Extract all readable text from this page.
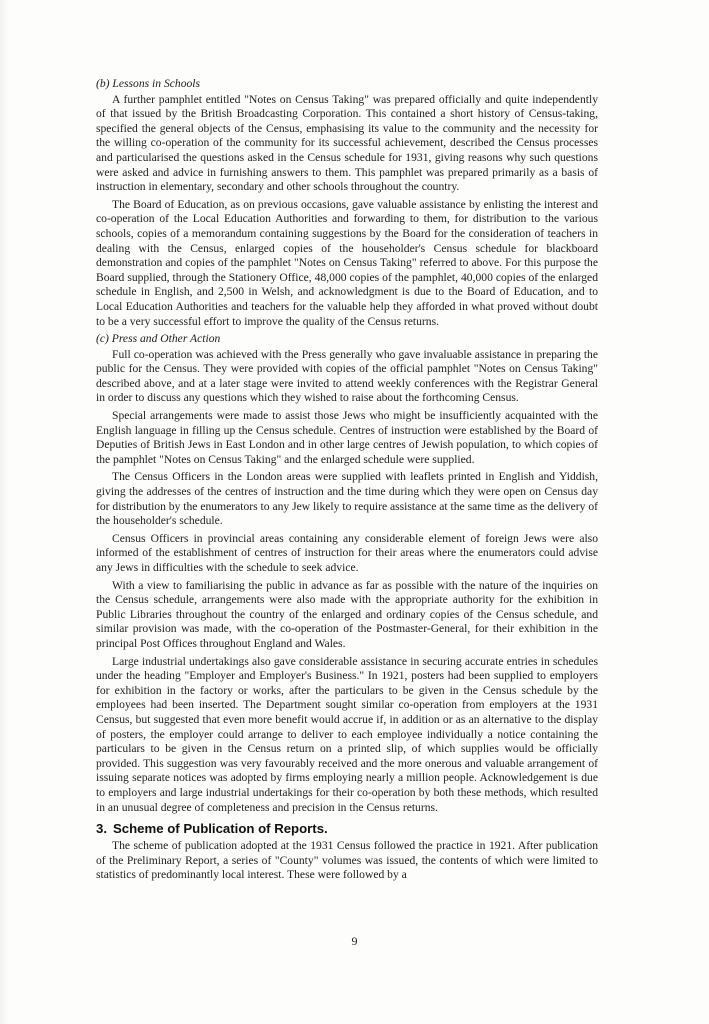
(b) Lessons in Schools

A further pamphlet entitled "Notes on Census Taking" was prepared officially and quite independently of that issued by the British Broadcasting Corporation. This contained a short history of Census-taking, specified the general objects of the Census, emphasising its value to the community and the necessity for the willing co-operation of the community for its successful achievement, described the Census processes and particularised the questions asked in the Census schedule for 1931, giving reasons why such questions were asked and advice in furnishing answers to them. This pamphlet was prepared primarily as a basis of instruction in elementary, secondary and other schools throughout the country.

The Board of Education, as on previous occasions, gave valuable assistance by enlisting the interest and co-operation of the Local Education Authorities and forwarding to them, for distribution to the various schools, copies of a memorandum containing suggestions by the Board for the consideration of teachers in dealing with the Census, enlarged copies of the householder's Census schedule for blackboard demonstration and copies of the pamphlet "Notes on Census Taking" referred to above. For this purpose the Board supplied, through the Stationery Office, 48,000 copies of the pamphlet, 40,000 copies of the enlarged schedule in English, and 2,500 in Welsh, and acknowledgment is due to the Board of Education, and to Local Education Authorities and teachers for the valuable help they afforded in what proved without doubt to be a very successful effort to improve the quality of the Census returns.

(c) Press and Other Action

Full co-operation was achieved with the Press generally who gave invaluable assistance in preparing the public for the Census. They were provided with copies of the official pamphlet "Notes on Census Taking" described above, and at a later stage were invited to attend weekly conferences with the Registrar General in order to discuss any questions which they wished to raise about the forthcoming Census.

Special arrangements were made to assist those Jews who might be insufficiently acquainted with the English language in filling up the Census schedule. Centres of instruction were established by the Board of Deputies of British Jews in East London and in other large centres of Jewish population, to which copies of the pamphlet "Notes on Census Taking" and the enlarged schedule were supplied.

The Census Officers in the London areas were supplied with leaflets printed in English and Yiddish, giving the addresses of the centres of instruction and the time during which they were open on Census day for distribution by the enumerators to any Jew likely to require assistance at the same time as the delivery of the householder's schedule.

Census Officers in provincial areas containing any considerable element of foreign Jews were also informed of the establishment of centres of instruction for their areas where the enumerators could advise any Jews in difficulties with the schedule to seek advice.

With a view to familiarising the public in advance as far as possible with the nature of the inquiries on the Census schedule, arrangements were also made with the appropriate authority for the exhibition in Public Libraries throughout the country of the enlarged and ordinary copies of the Census schedule, and similar provision was made, with the co-operation of the Postmaster-General, for their exhibition in the principal Post Offices throughout England and Wales.

Large industrial undertakings also gave considerable assistance in securing accurate entries in schedules under the heading "Employer and Employer's Business." In 1921, posters had been supplied to employers for exhibition in the factory or works, after the particulars to be given in the Census schedule by the employees had been inserted. The Department sought similar co-operation from employers at the 1931 Census, but suggested that even more benefit would accrue if, in addition or as an alternative to the display of posters, the employer could arrange to deliver to each employee individually a notice containing the particulars to be given in the Census return on a printed slip, of which supplies would be officially provided. This suggestion was very favourably received and the more onerous and valuable arrangement of issuing separate notices was adopted by firms employing nearly a million people. Acknowledgement is due to employers and large industrial undertakings for their co-operation by both these methods, which resulted in an unusual degree of completeness and precision in the Census returns.

3. Scheme of Publication of Reports.

The scheme of publication adopted at the 1931 Census followed the practice in 1921. After publication of the Preliminary Report, a series of "County" volumes was issued, the contents of which were limited to statistics of predominantly local interest. These were followed by a

9
